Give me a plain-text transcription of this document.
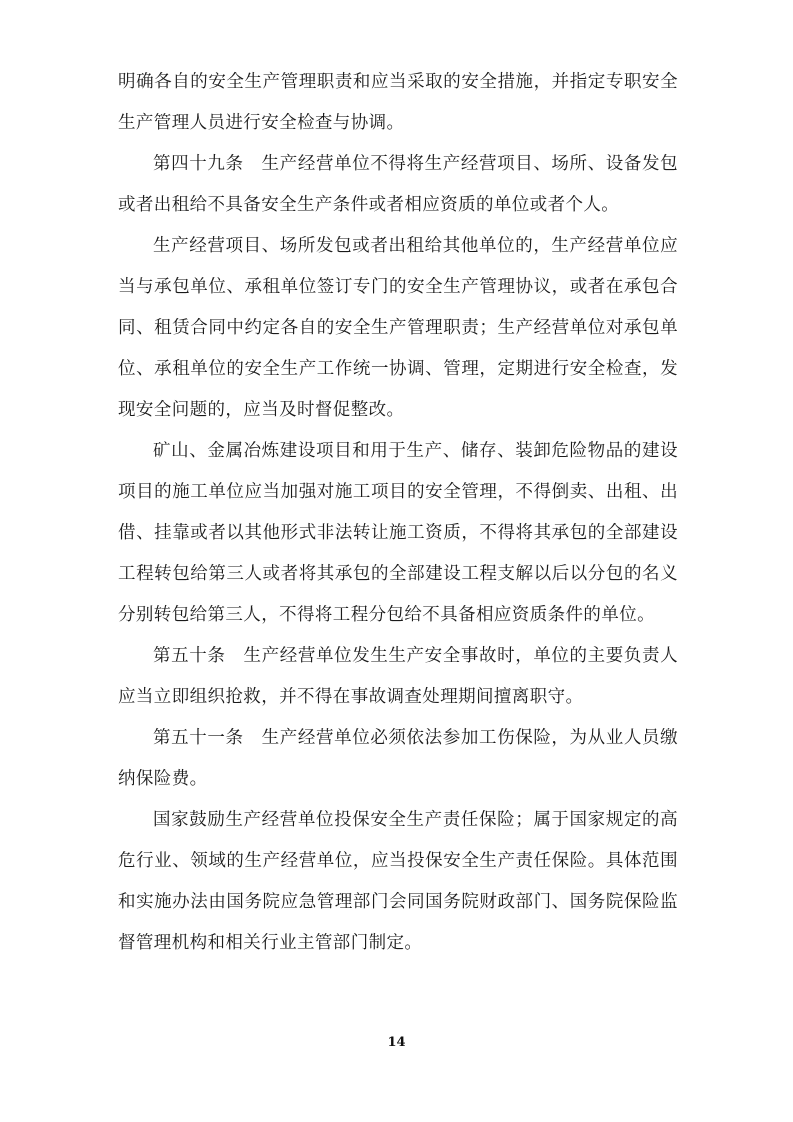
明确各自的安全生产管理职责和应当采取的安全措施，并指定专职安全生产管理人员进行安全检查与协调。

第四十九条　生产经营单位不得将生产经营项目、场所、设备发包或者出租给不具备安全生产条件或者相应资质的单位或者个人。

生产经营项目、场所发包或者出租给其他单位的，生产经营单位应当与承包单位、承租单位签订专门的安全生产管理协议，或者在承包合同、租赁合同中约定各自的安全生产管理职责；生产经营单位对承包单位、承租单位的安全生产工作统一协调、管理，定期进行安全检查，发现安全问题的，应当及时督促整改。

矿山、金属冶炼建设项目和用于生产、储存、装卸危险物品的建设项目的施工单位应当加强对施工项目的安全管理，不得倒卖、出租、出借、挂靠或者以其他形式非法转让施工资质，不得将其承包的全部建设工程转包给第三人或者将其承包的全部建设工程支解以后以分包的名义分别转包给第三人，不得将工程分包给不具备相应资质条件的单位。

第五十条　生产经营单位发生生产安全事故时，单位的主要负责人应当立即组织抢救，并不得在事故调查处理期间擅离职守。

第五十一条　生产经营单位必须依法参加工伤保险，为从业人员缴纳保险费。

国家鼓励生产经营单位投保安全生产责任保险；属于国家规定的高危行业、领域的生产经营单位，应当投保安全生产责任保险。具体范围和实施办法由国务院应急管理部门会同国务院财政部门、国务院保险监督管理机构和相关行业主管部门制定。

14
